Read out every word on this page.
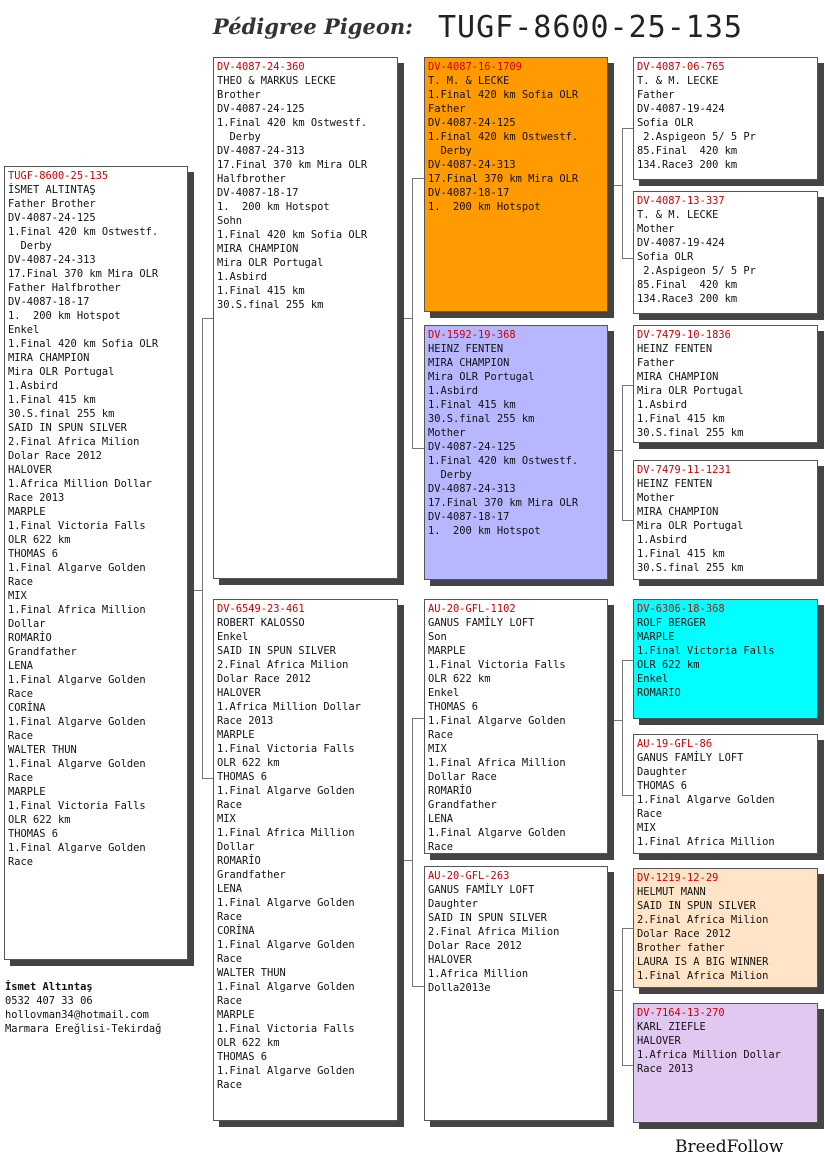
Pédigree Pigeon: TUGF-8600-25-135
TUGF-8600-25-135
İSMET ALTINTAŞ
Father Brother
DV-4087-24-125
1.Final 420 km Ostwestf.
Derby
DV-4087-24-313
17.Final 370 km Mira OLR
Father Halfbrother
DV-4087-18-17
1.  200 km Hotspot
Enkel
1.Final 420 km Sofia OLR
MIRA CHAMPION
Mira OLR Portugal
1.Asbird
1.Final 415 km
30.S.final 255 km
SAID IN SPUN SILVER
2.Final Africa Milion
Dolar Race 2012
HALOVER
1.Africa Million Dollar
Race 2013
MARPLE
1.Final Victoria Falls
OLR 622 km
THOMAS 6
1.Final Algarve Golden
Race
MIX
1.Final Africa Million
Dollar
ROMARİO
Grandfather
LENA
1.Final Algarve Golden
Race
CORİNA
1.Final Algarve Golden
Race
WALTER THUN
1.Final Algarve Golden
Race
MARPLE
1.Final Victoria Falls
OLR 622 km
THOMAS 6
1.Final Algarve Golden
Race
DV-4087-24-360
THEO & MARKUS LECKE
Brother
DV-4087-24-125
1.Final 420 km Ostwestf.
Derby
DV-4087-24-313
17.Final 370 km Mira OLR
Halfbrother
DV-4087-18-17
1.  200 km Hotspot
Sohn
1.Final 420 km Sofia OLR
MIRA CHAMPION
Mira OLR Portugal
1.Asbird
1.Final 415 km
30.S.final 255 km
DV-6549-23-461
ROBERT KALOSSO
Enkel
SAID IN SPUN SILVER
2.Final Africa Milion
Dolar Race 2012
HALOVER
1.Africa Million Dollar
Race 2013
MARPLE
1.Final Victoria Falls
OLR 622 km
THOMAS 6
1.Final Algarve Golden
Race
MIX
1.Final Africa Million
Dollar
ROMARİO
Grandfather
LENA
1.Final Algarve Golden
Race
CORİNA
1.Final Algarve Golden
Race
WALTER THUN
1.Final Algarve Golden
Race
MARPLE
1.Final Victoria Falls
OLR 622 km
THOMAS 6
1.Final Algarve Golden
Race
DV-4087-16-1709
T. M. & LECKE
1.Final 420 km Sofia OLR
Father
DV-4087-24-125
1.Final 420 km Ostwestf.
Derby
DV-4087-24-313
17.Final 370 km Mira OLR
DV-4087-18-17
1.  200 km Hotspot
DV-1592-19-368
HEINZ FENTEN
MIRA CHAMPION
Mira OLR Portugal
1.Asbird
1.Final 415 km
30.S.final 255 km
Mother
DV-4087-24-125
1.Final 420 km Ostwestf.
Derby
DV-4087-24-313
17.Final 370 km Mira OLR
DV-4087-18-17
1.  200 km Hotspot
AU-20-GFL-1102
GANUS FAMİLY LOFT
Son
MARPLE
1.Final Victoria Falls
OLR 622 km
Enkel
THOMAS 6
1.Final Algarve Golden
Race
MIX
1.Final Africa Million
Dollar Race
ROMARİO
Grandfather
LENA
1.Final Algarve Golden
Race
AU-20-GFL-263
GANUS FAMİLY LOFT
Daughter
SAID IN SPUN SILVER
2.Final Africa Milion
Dolar Race 2012
HALOVER
1.Africa Million
Dolla2013e
DV-4087-06-765
T. & M. LECKE
Father
DV-4087-19-424
Sofia OLR
2.Aspigeon 5/ 5 Pr
85.Final  420 km
134.Race3 200 km
DV-4087-13-337
T. & M. LECKE
Mother
DV-4087-19-424
Sofia OLR
2.Aspigeon 5/ 5 Pr
85.Final  420 km
134.Race3 200 km
DV-7479-10-1836
HEINZ FENTEN
Father
MIRA CHAMPION
Mira OLR Portugal
1.Asbird
1.Final 415 km
30.S.final 255 km
DV-7479-11-1231
HEINZ FENTEN
Mother
MIRA CHAMPION
Mira OLR Portugal
1.Asbird
1.Final 415 km
30.S.final 255 km
DV-6306-18-368
ROLF BERGER
MARPLE
1.Final Victoria Falls
OLR 622 km
Enkel
ROMARIO
AU-19-GFL-86
GANUS FAMİLY LOFT
Daughter
THOMAS 6
1.Final Algarve Golden
Race
MIX
1.Final Africa Million
DV-1219-12-29
HELMUT MANN
SAID IN SPUN SILVER
2.Final Africa Milion
Dolar Race 2012
Brother father
LAURA IS A BIG WINNER
1.Final Africa Milion
DV-7164-13-270
KARL ZIEFLE
HALOVER
1.Africa Million Dollar
Race 2013
İsmet Altıntaş
0532 407 33 06
hollovman34@hotmail.com
Marmara Ereğlisi-Tekirdağ
BreedFollow
